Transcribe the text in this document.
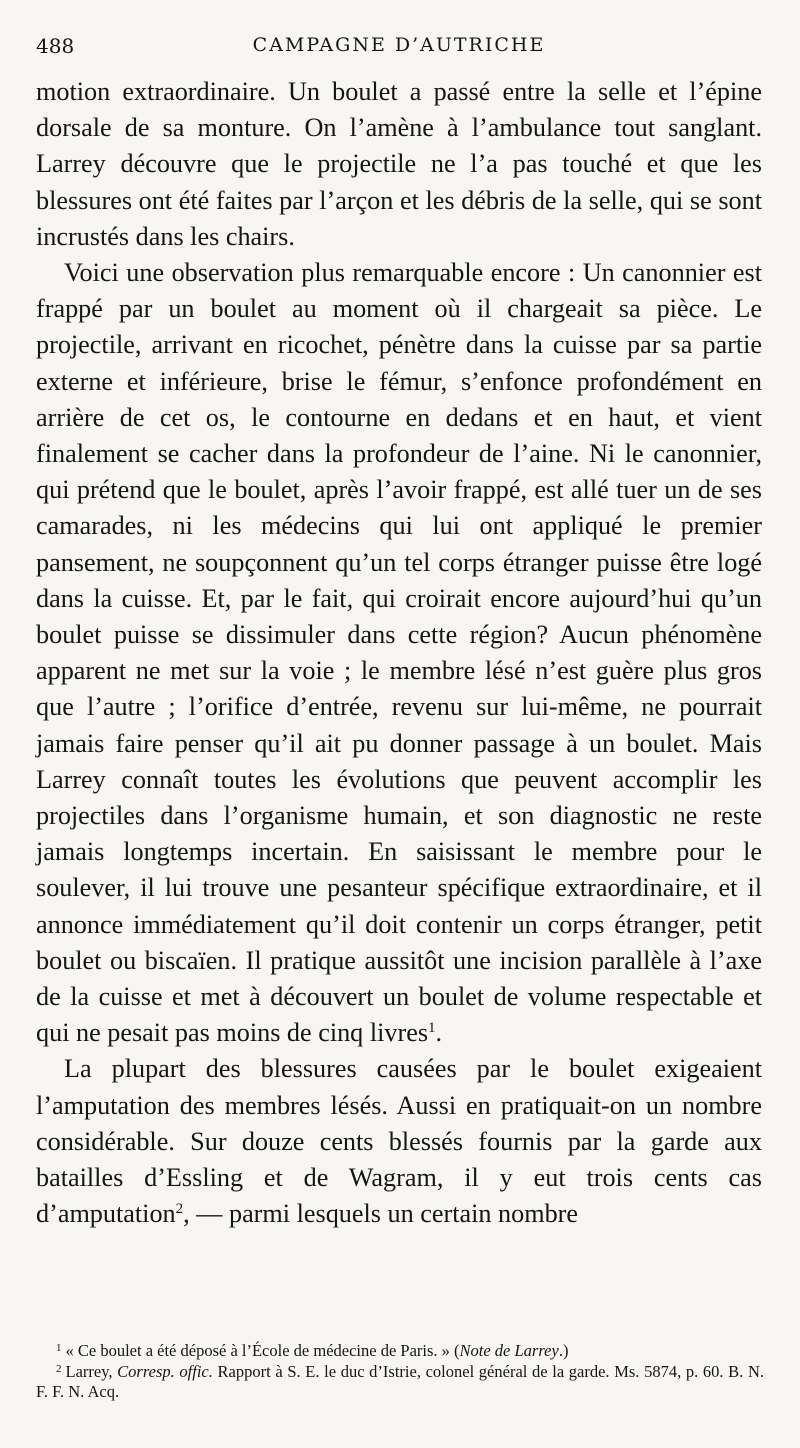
488	CAMPAGNE D’AUTRICHE

motion extraordinaire. Un boulet a passé entre la selle et l’épine dorsale de sa monture. On l’amène à l’ambulance tout sanglant. Larrey découvre que le projectile ne l’a pas touché et que les blessures ont été faites par l’arçon et les débris de la selle, qui se sont incrustés dans les chairs.

Voici une observation plus remarquable encore : Un canonnier est frappé par un boulet au moment où il chargeait sa pièce. Le projectile, arrivant en ricochet, pénètre dans la cuisse par sa partie externe et inférieure, brise le fémur, s’enfonce profondément en arrière de cet os, le contourne en dedans et en haut, et vient finalement se cacher dans la profondeur de l’aine. Ni le canonnier, qui prétend que le boulet, après l’avoir frappé, est allé tuer un de ses camarades, ni les médecins qui lui ont appliqué le premier pansement, ne soupçonnent qu’un tel corps étranger puisse être logé dans la cuisse. Et, par le fait, qui croirait encore aujourd’hui qu’un boulet puisse se dissimuler dans cette région? Aucun phénomène apparent ne met sur la voie ; le membre lésé n’est guère plus gros que l’autre ; l’orifice d’entrée, revenu sur lui-même, ne pourrait jamais faire penser qu’il ait pu donner passage à un boulet. Mais Larrey connaît toutes les évolutions que peuvent accomplir les projectiles dans l’organisme humain, et son diagnostic ne reste jamais longtemps incertain. En saisissant le membre pour le soulever, il lui trouve une pesanteur spécifique extraordinaire, et il annonce immédiatement qu’il doit contenir un corps étranger, petit boulet ou biscaïen. Il pratique aussitôt une incision parallèle à l’axe de la cuisse et met à découvert un boulet de volume respectable et qui ne pesait pas moins de cinq livres$^1$.

La plupart des blessures causées par le boulet exigeaient l’amputation des membres lésés. Aussi en pratiquait-on un nombre considérable. Sur douze cents blessés fournis par la garde aux batailles d’Essling et de Wagram, il y eut trois cents cas d’amputation$^2$, — parmi lesquels un certain nombre

$^1$ « Ce boulet a été déposé à l’École de médecine de Paris. » (Note de Larrey.)

$^2$ Larrey, Corresp. offic. Rapport à S. E. le duc d’Istrie, colonel général de la garde. Ms. 5874, p. 60. B. N. F. F. N. Acq.
